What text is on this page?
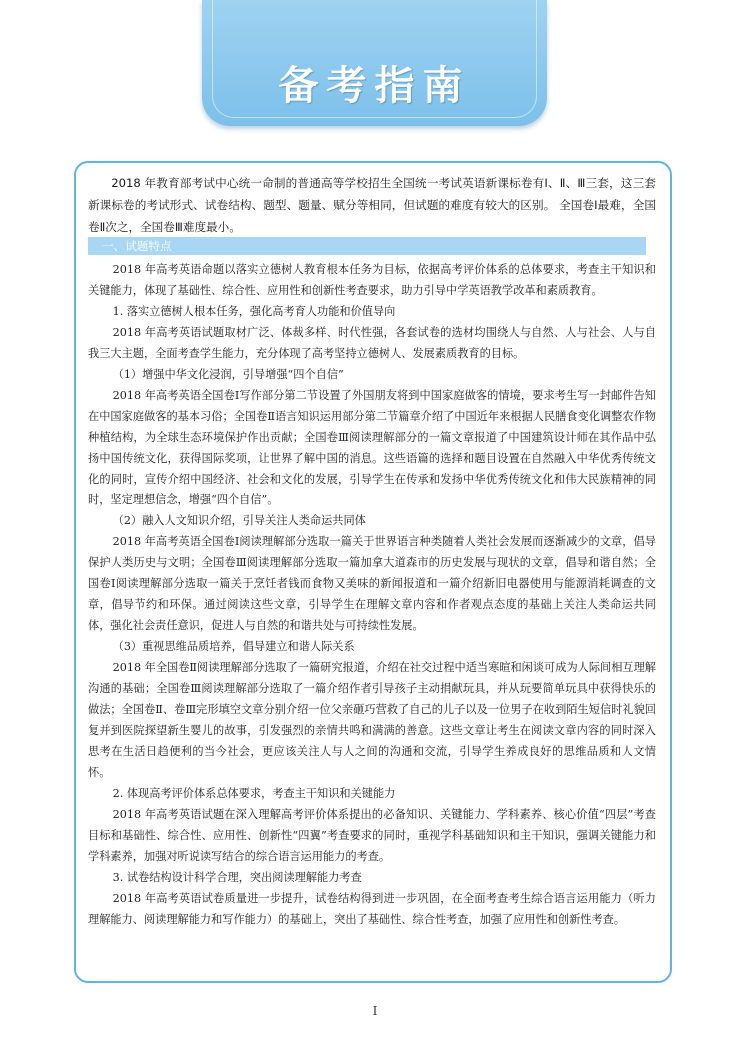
备考指南

2018 年教育部考试中心统一命制的普通高等学校招生全国统一考试英语新课标卷有Ⅰ、Ⅱ、Ⅲ三套，这三套新课标卷的考试形式、试卷结构、题型、题量、赋分等相同，但试题的难度有较大的区别。 全国卷Ⅰ最难，全国卷Ⅱ次之，全国卷Ⅲ难度最小。

一、试题特点

2018 年高考英语命题以落实立德树人教育根本任务为目标，依据高考评价体系的总体要求，考查主干知识和关键能力，体现了基础性、综合性、应用性和创新性考查要求，助力引导中学英语教学改革和素质教育。

1. 落实立德树人根本任务，强化高考育人功能和价值导向

2018 年高考英语试题取材广泛、体裁多样、时代性强，各套试卷的选材均围绕人与自然、人与社会、人与自我三大主题，全面考查学生能力，充分体现了高考坚持立德树人、发展素质教育的目标。

（1）增强中华文化浸润，引导增强“四个自信”

2018 年高考英语全国卷Ⅰ写作部分第二节设置了外国朋友将到中国家庭做客的情境，要求考生写一封邮件告知在中国家庭做客的基本习俗；全国卷Ⅱ语言知识运用部分第二节篇章介绍了中国近年来根据人民膳食变化调整农作物种植结构，为全球生态环境保护作出贡献；全国卷Ⅲ阅读理解部分的一篇文章报道了中国建筑设计师在其作品中弘扬中国传统文化，获得国际奖项，让世界了解中国的消息。这些语篇的选择和题目设置在自然融入中华优秀传统文化的同时，宣传介绍中国经济、社会和文化的发展，引导学生在传承和发扬中华优秀传统文化和伟大民族精神的同时，坚定理想信念，增强“四个自信”。

（2）融入人文知识介绍，引导关注人类命运共同体

2018 年高考英语全国卷Ⅰ阅读理解部分选取一篇关于世界语言种类随着人类社会发展而逐渐减少的文章，倡导保护人类历史与文明；全国卷Ⅲ阅读理解部分选取一篇加拿大道森市的历史发展与现状的文章，倡导和谐自然；全国卷Ⅰ阅读理解部分选取一篇关于烹饪者钱而食物又美味的新闻报道和一篇介绍新旧电器使用与能源消耗调查的文章，倡导节约和环保。通过阅读这些文章，引导学生在理解文章内容和作者观点态度的基础上关注人类命运共同体，强化社会责任意识，促进人与自然的和谐共处与可持续性发展。

（3）重视思维品质培养，倡导建立和谐人际关系

2018 年全国卷Ⅱ阅读理解部分选取了一篇研究报道，介绍在社交过程中适当寒暄和闲谈可成为人际间相互理解沟通的基础；全国卷Ⅲ阅读理解部分选取了一篇介绍作者引导孩子主动捐献玩具，并从玩要简单玩具中获得快乐的做法；全国卷Ⅱ、卷Ⅲ完形填空文章分别介绍一位父亲砸巧营救了自己的儿子以及一位男子在收到陌生短信时礼貌回复并到医院探望新生婴儿的故事，引发强烈的亲情共鸣和满满的善意。这些文章让考生在阅读文章内容的同时深入思考在生活日趋便利的当今社会，更应该关注人与人之间的沟通和交流，引导学生养成良好的思维品质和人文情怀。

2. 体现高考评价体系总体要求，考查主干知识和关键能力

2018 年高考英语试题在深入理解高考评价体系提出的必备知识、关键能力、学科素养、核心价值“四层”考查目标和基础性、综合性、应用性、创新性“四翼”考查要求的同时，重视学科基础知识和主干知识，强调关键能力和学科素养，加强对听说读写结合的综合语言运用能力的考查。

3. 试卷结构设计科学合理，突出阅读理解能力考查

2018 年高考英语试卷质量进一步提升，试卷结构得到进一步巩固，在全面考查考生综合语言运用能力（听力理解能力、阅读理解能力和写作能力）的基础上，突出了基础性、综合性考查，加强了应用性和创新性考查。

I
